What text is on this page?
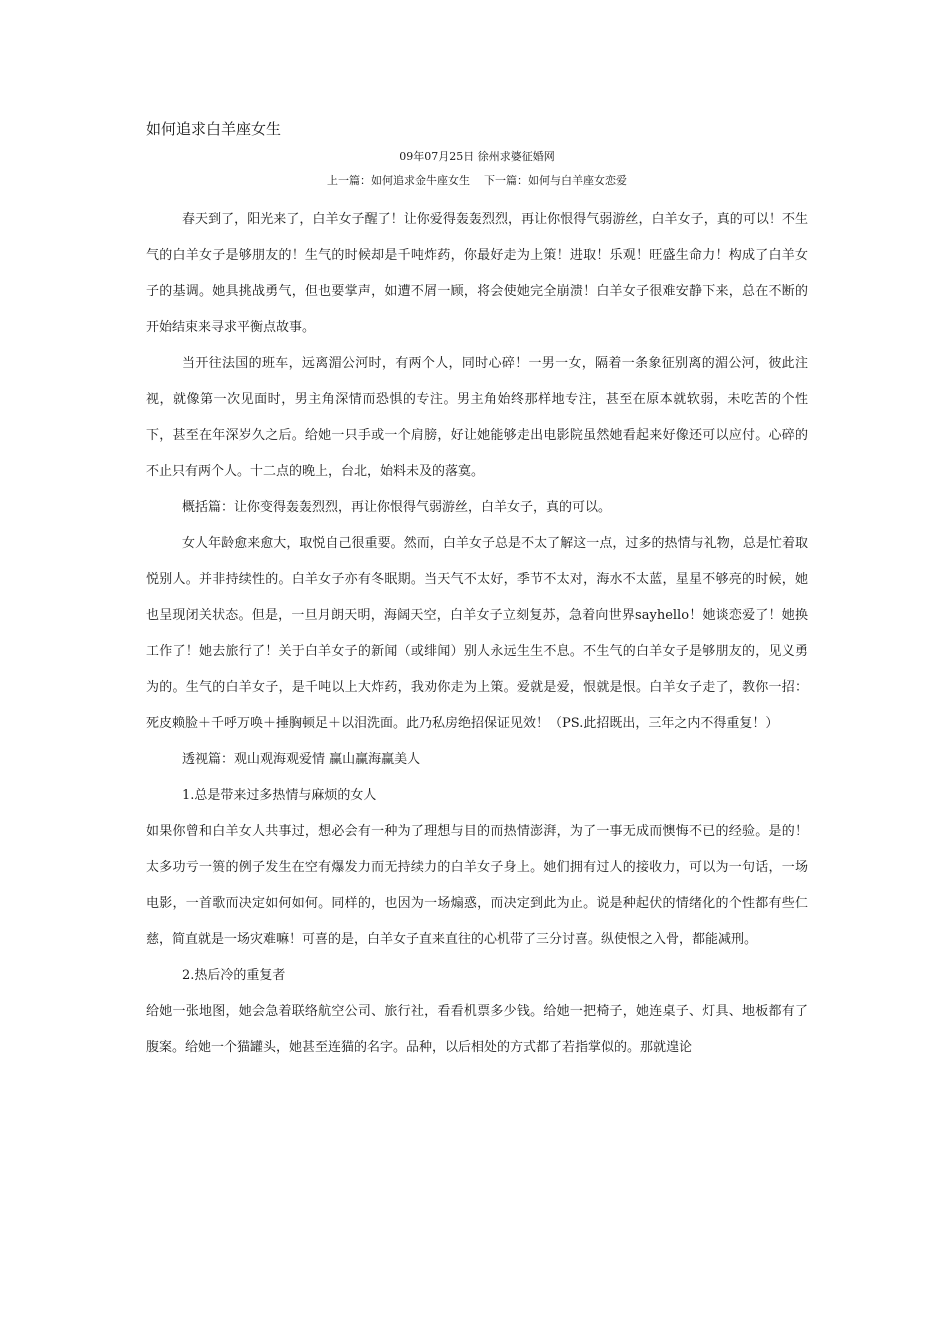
如何追求白羊座女生
09年07月25日 徐州求婆征婚网
上一篇：如何追求金牛座女生 下一篇：如何与白羊座女恋爱

春天到了，阳光来了，白羊女子醒了！让你爱得轰轰烈烈，再让你恨得气弱游丝，白羊女子，真的可以！不生气的白羊女子是够朋友的！生气的时候却是千吨炸药，你最好走为上策！进取！乐观！旺盛生命力！构成了白羊女子的基调。她具挑战勇气，但也要掌声，如遭不屑一顾，将会使她完全崩溃！白羊女子很难安静下来，总在不断的开始结束来寻求平衡点故事。

当开往法国的班车，远离湄公河时，有两个人，同时心碎！一男一女，隔着一条象征别离的湄公河，彼此注视，就像第一次见面时，男主角深情而恐惧的专注。男主角始终那样地专注，甚至在原本就软弱，未吃苦的个性下，甚至在年深岁久之后。给她一只手或一个肩膀，好让她能够走出电影院虽然她看起来好像还可以应付。心碎的不止只有两个人。十二点的晚上，台北，始料未及的落寞。

概括篇：让你变得轰轰烈烈，再让你恨得气弱游丝，白羊女子，真的可以。

女人年龄愈来愈大，取悦自己很重要。然而，白羊女子总是不太了解这一点，过多的热情与礼物，总是忙着取悦别人。并非持续性的。白羊女子亦有冬眠期。当天气不太好，季节不太对，海水不太蓝，星星不够亮的时候，她也呈现闭关状态。但是，一旦月朗天明，海阔天空，白羊女子立刻复苏，急着向世界sayhello！她谈恋爱了！她换工作了！她去旅行了！关于白羊女子的新闻（或绯闻）别人永远生生不息。不生气的白羊女子是够朋友的，见义勇为的。生气的白羊女子，是千吨以上大炸药，我劝你走为上策。爱就是爱，恨就是恨。白羊女子走了，教你一招：死皮赖脸＋千呼万唤＋捶胸顿足＋以泪洗面。此乃私房绝招保证见效！（PS.此招既出，三年之内不得重复！）

透视篇：观山观海观爱情 赢山赢海赢美人

1.总是带来过多热情与麻烦的女人

如果你曾和白羊女人共事过，想必会有一种为了理想与目的而热情澎湃，为了一事无成而懊悔不已的经验。是的！太多功亏一篑的例子发生在空有爆发力而无持续力的白羊女子身上。她们拥有过人的接收力，可以为一句话，一场电影，一首歌而决定如何如何。同样的，也因为一场煽惑，而决定到此为止。说是种起伏的情绪化的个性都有些仁慈，简直就是一场灾难嘛！可喜的是，白羊女子直来直往的心机带了三分讨喜。纵使恨之入骨，都能减刑。

2.热后冷的重复者

给她一张地图，她会急着联络航空公司、旅行社，看看机票多少钱。给她一把椅子，她连桌子、灯具、地板都有了腹案。给她一个猫罐头，她甚至连猫的名字。品种，以后相处的方式都了若指掌似的。那就遑论
